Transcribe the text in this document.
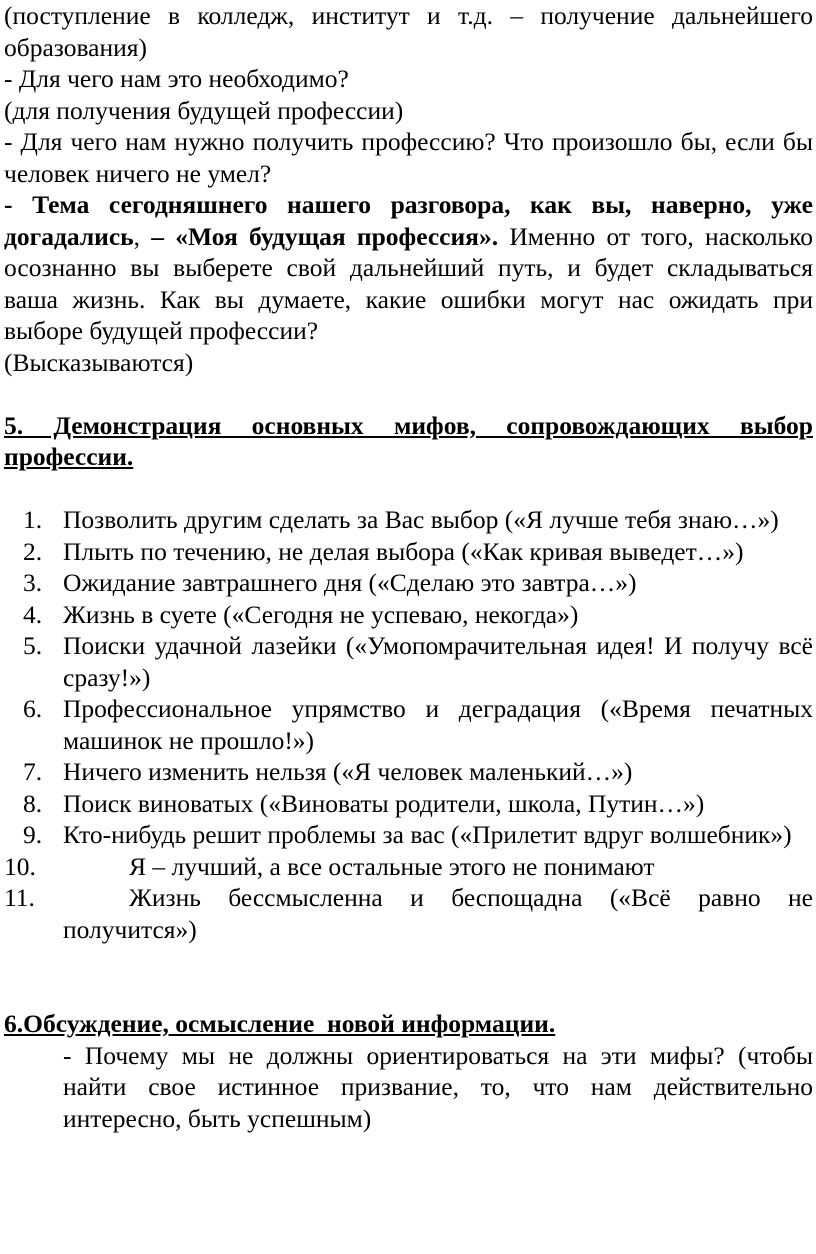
(поступление в колледж, институт и т.д. – получение дальнейшего образования)

- Для чего нам это необходимо?

(для получения будущей профессии)

- Для чего нам нужно получить профессию? Что произошло бы, если бы человек ничего не умел?

- Тема сегодняшнего нашего разговора, как вы, наверно, уже догадались, – «Моя будущая профессия». Именно от того, насколько осознанно вы выберете свой дальнейший путь, и будет складываться ваша жизнь. Как вы думаете, какие ошибки могут нас ожидать при выборе будущей профессии?

(Высказываются)

5. Демонстрация основных мифов, сопровождающих выбор профессии.

1. Позволить другим сделать за Вас выбор («Я лучше тебя знаю…»)
2. Плыть по течению, не делая выбора («Как кривая выведет…»)
3. Ожидание завтрашнего дня («Сделаю это завтра…»)
4. Жизнь в суете («Сегодня не успеваю, некогда»)
5. Поиски удачной лазейки («Умопомрачительная идея! И получу всё сразу!»)
6. Профессиональное упрямство и деградация («Время печатных машинок не прошло!»)
7. Ничего изменить нельзя («Я человек маленький…»)
8. Поиск виноватых («Виноваты родители, школа, Путин…»)
9. Кто-нибудь решит проблемы за вас («Прилетит вдруг волшебник»)
10.	Я – лучший, а все остальные этого не понимают
11.	Жизнь бессмысленна и беспощадна («Всё равно не получится»)

6.Обсуждение, осмысление  новой информации.

- Почему мы не должны ориентироваться на эти мифы? (чтобы найти свое истинное призвание, то, что нам действительно интересно, быть успешным)
